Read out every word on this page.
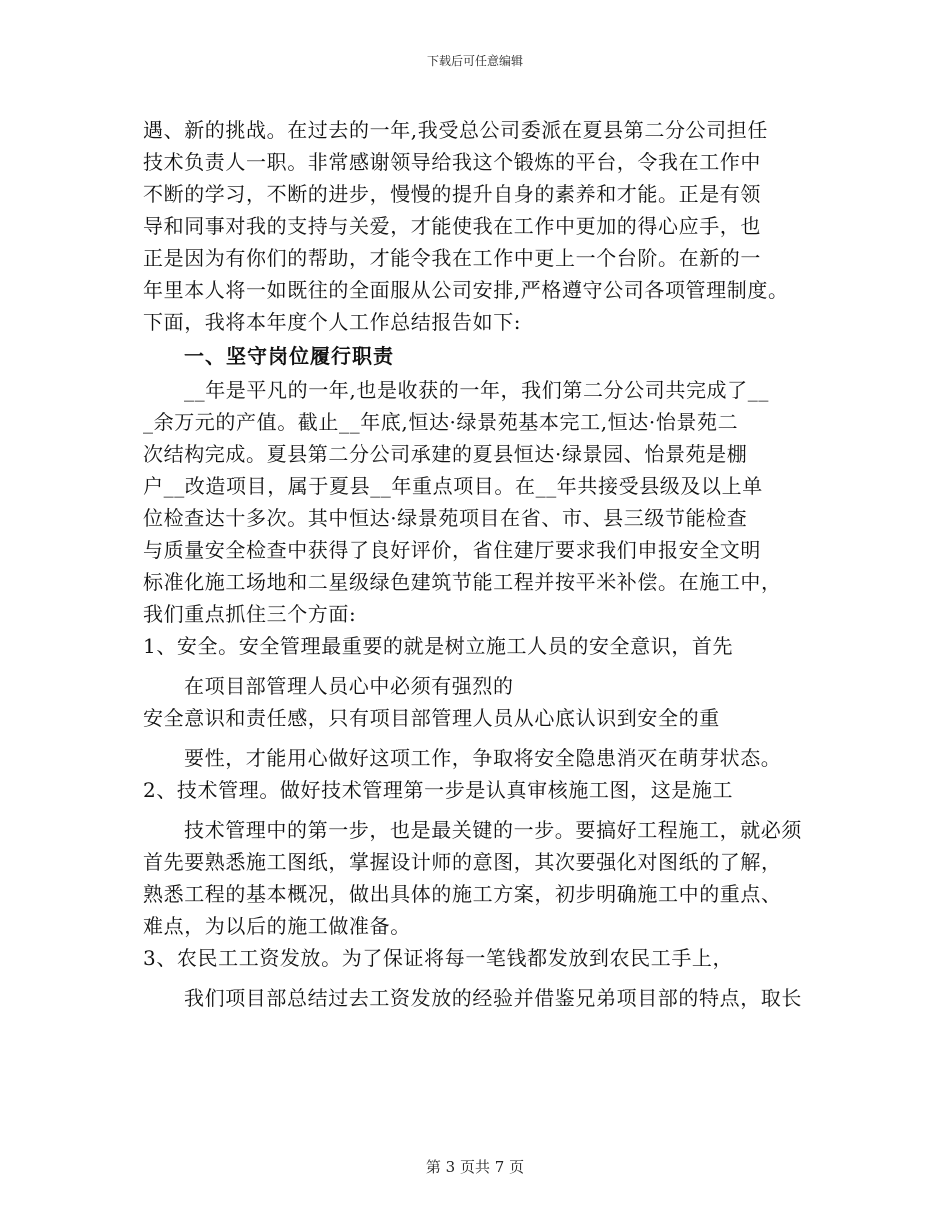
下载后可任意编辑
遇、新的挑战。在过去的一年,我受总公司委派在夏县第二分公司担任
技术负责人一职。非常感谢领导给我这个锻炼的平台，令我在工作中
不断的学习，不断的进步，慢慢的提升自身的素养和才能。正是有领
导和同事对我的支持与关爱，才能使我在工作中更加的得心应手，也
正是因为有你们的帮助，才能令我在工作中更上一个台阶。在新的一
年里本人将一如既往的全面服从公司安排,严格遵守公司各项管理制度。
下面，我将本年度个人工作总结报告如下:
一、坚守岗位履行职责
__年是平凡的一年,也是收获的一年，我们第二分公司共完成了__
_余万元的产值。截止__年底,恒达·绿景苑基本完工,恒达·怡景苑二
次结构完成。夏县第二分公司承建的夏县恒达·绿景园、怡景苑是棚
户__改造项目，属于夏县__年重点项目。在__年共接受县级及以上单
位检查达十多次。其中恒达·绿景苑项目在省、市、县三级节能检查
与质量安全检查中获得了良好评价，省住建厅要求我们申报安全文明
标准化施工场地和二星级绿色建筑节能工程并按平米补偿。在施工中，
我们重点抓住三个方面:
1、安全。安全管理最重要的就是树立施工人员的安全意识，首先
在项目部管理人员心中必须有强烈的
安全意识和责任感，只有项目部管理人员从心底认识到安全的重
要性，才能用心做好这项工作，争取将安全隐患消灭在萌芽状态。
2、技术管理。做好技术管理第一步是认真审核施工图，这是施工
技术管理中的第一步，也是最关键的一步。要搞好工程施工，就必须
首先要熟悉施工图纸，掌握设计师的意图，其次要强化对图纸的了解，
熟悉工程的基本概况，做出具体的施工方案，初步明确施工中的重点、
难点，为以后的施工做准备。
3、农民工工资发放。为了保证将每一笔钱都发放到农民工手上，
我们项目部总结过去工资发放的经验并借鉴兄弟项目部的特点，取长
第 3 页共 7 页
